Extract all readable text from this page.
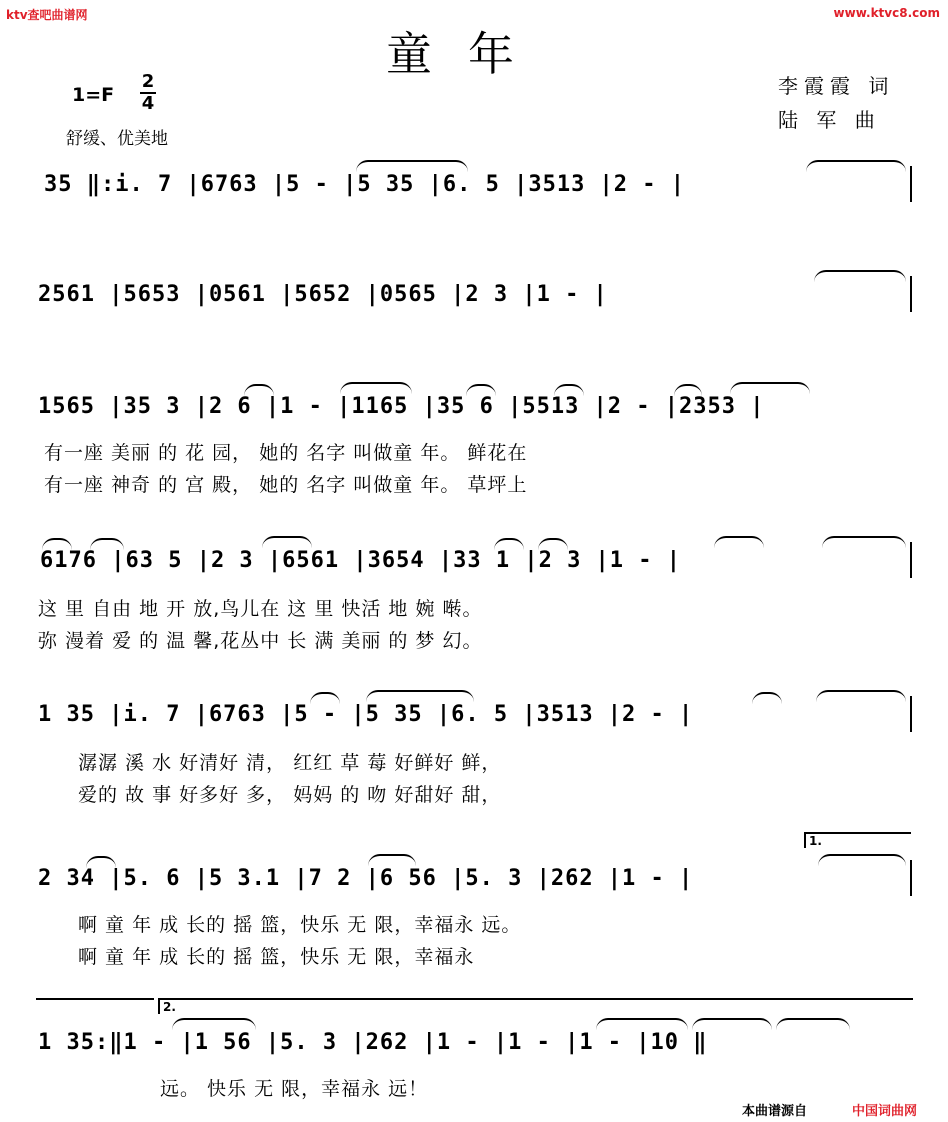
ktv查吧曲谱网	www.ktvc8.com
童年
$1=F \frac{2}{4}$
舒缓、优美地
李霞霞 词
陆 军 曲
35 ‖:i. 7 |6763 |5 - |5 35 |6. 5 |3513 |2 - |
2561 |5653 |0561 |5652 |0565 |2 3 |1 - |
1565 |35 3 |2 6 |1 - |1165 |35 6 |5513 |2 - |2353 |
有一座 美丽 的 花 园， 她的 名字 叫做童 年。 鲜花在
有一座 神奇 的 宫 殿， 她的 名字 叫做童 年。 草坪上
6176 |63 5 |2 3 |6561 |3654 |33 1 |2 3 |1 - |
这 里 自由 地 开 放,鸟儿在 这 里 快活 地 婉 啭。
弥 漫着 爱 的 温 馨,花丛中 长 满 美丽 的 梦 幻。
1 35 |i. 7 |6763 |5 - |5 35 |6. 5 |3513 |2 - |
潺潺 溪 水 好清好 清， 红红 草 莓 好鲜好 鲜，
爱的 故 事 好多好 多， 妈妈 的 吻 好甜好 甜，
1.
2 34 |5. 6 |5 3.1 |7 2 |6 56 |5. 3 |262 |1 - |
啊 童 年 成 长的 摇 篮，快乐 无 限，幸福永 远。
啊 童 年 成 长的 摇 篮，快乐 无 限，幸福永
2.
1 35:‖1 - |1 56 |5. 3 |262 |1 - |1 - |1 - |10 ‖
远。 快乐 无 限，幸福永 远！
本曲谱源自	中国词曲网
